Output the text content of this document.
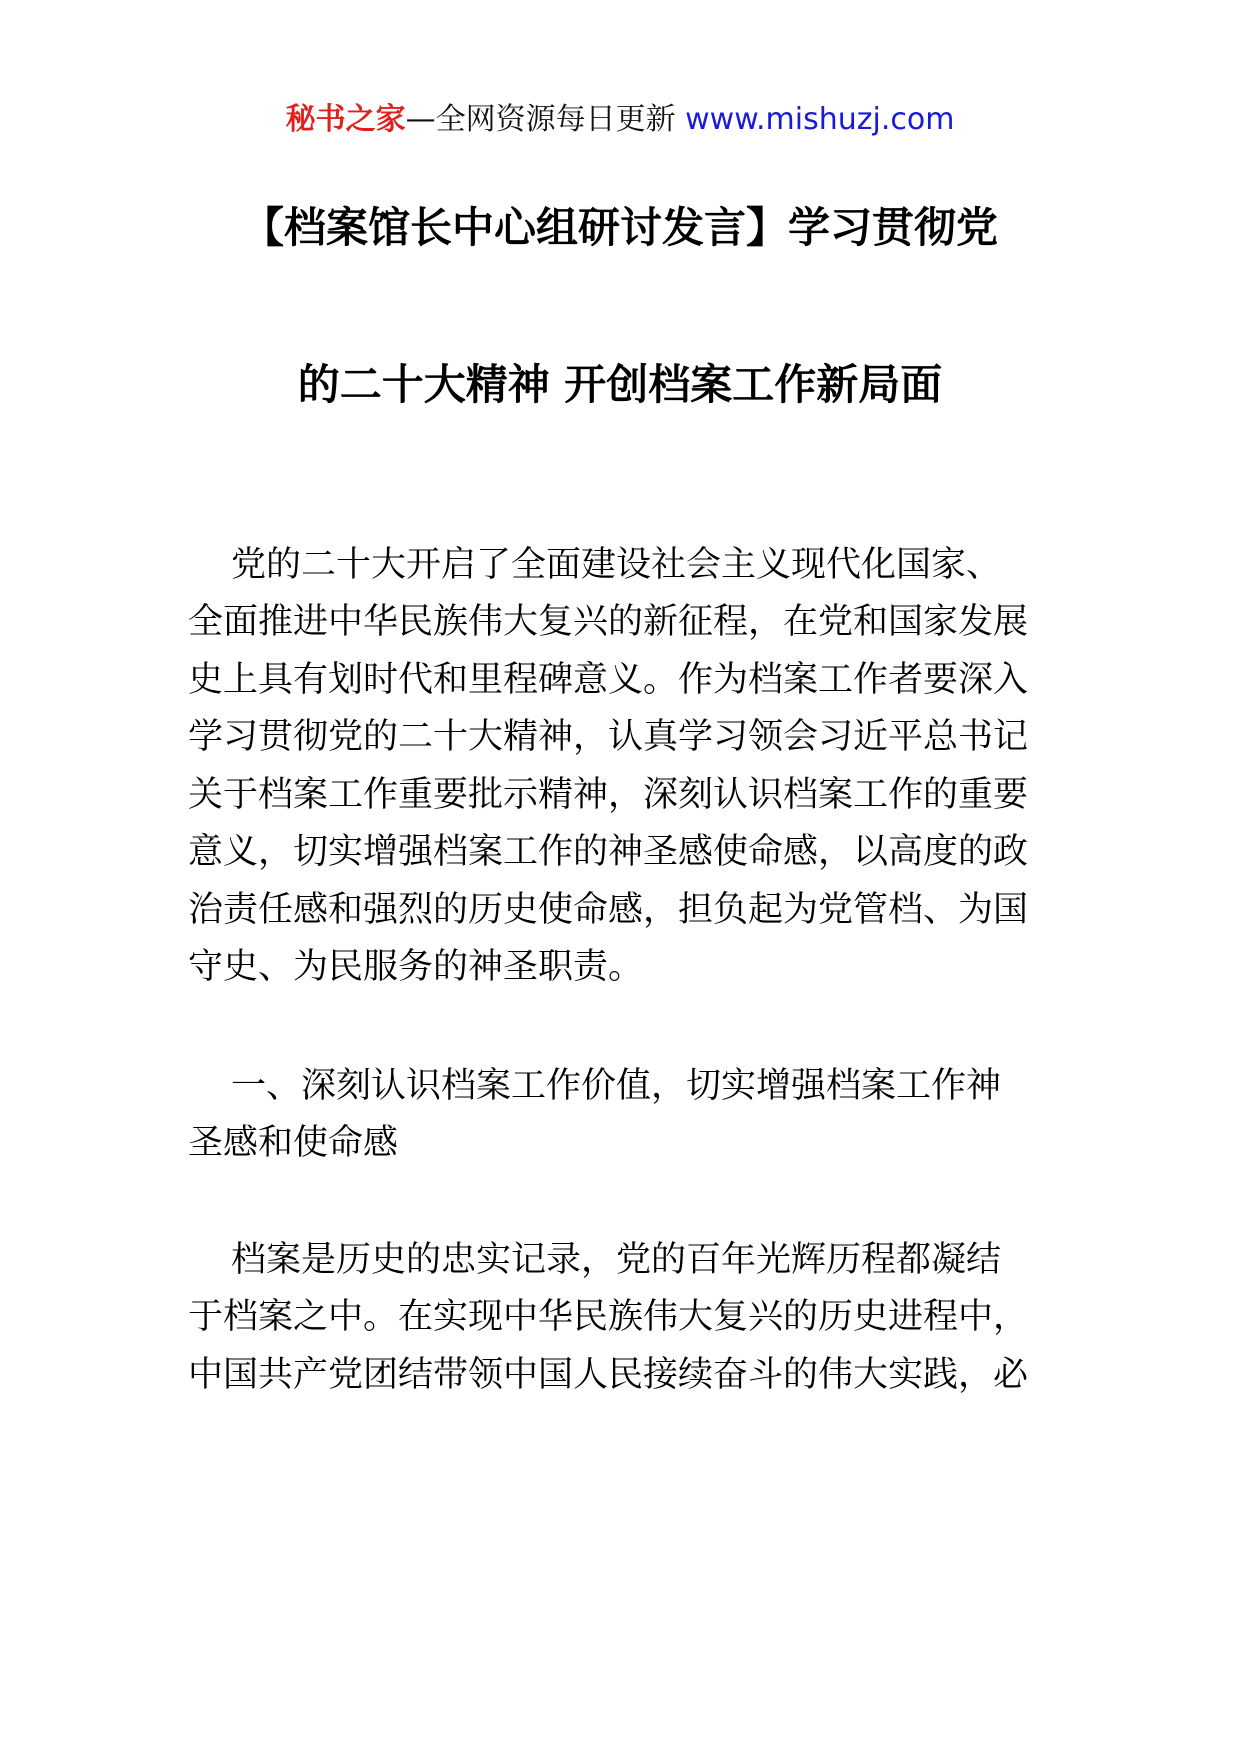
秘书之家—全网资源每日更新 www.mishuzj.com
【档案馆长中心组研讨发言】学习贯彻党
的二十大精神 开创档案工作新局面
党的二十大开启了全面建设社会主义现代化国家、
全面推进中华民族伟大复兴的新征程，在党和国家发展
史上具有划时代和里程碑意义。作为档案工作者要深入
学习贯彻党的二十大精神，认真学习领会习近平总书记
关于档案工作重要批示精神，深刻认识档案工作的重要
意义，切实增强档案工作的神圣感使命感，以高度的政
治责任感和强烈的历史使命感，担负起为党管档、为国
守史、为民服务的神圣职责。
一、深刻认识档案工作价值，切实增强档案工作神
圣感和使命感
档案是历史的忠实记录，党的百年光辉历程都凝结
于档案之中。在实现中华民族伟大复兴的历史进程中，
中国共产党团结带领中国人民接续奋斗的伟大实践，必
